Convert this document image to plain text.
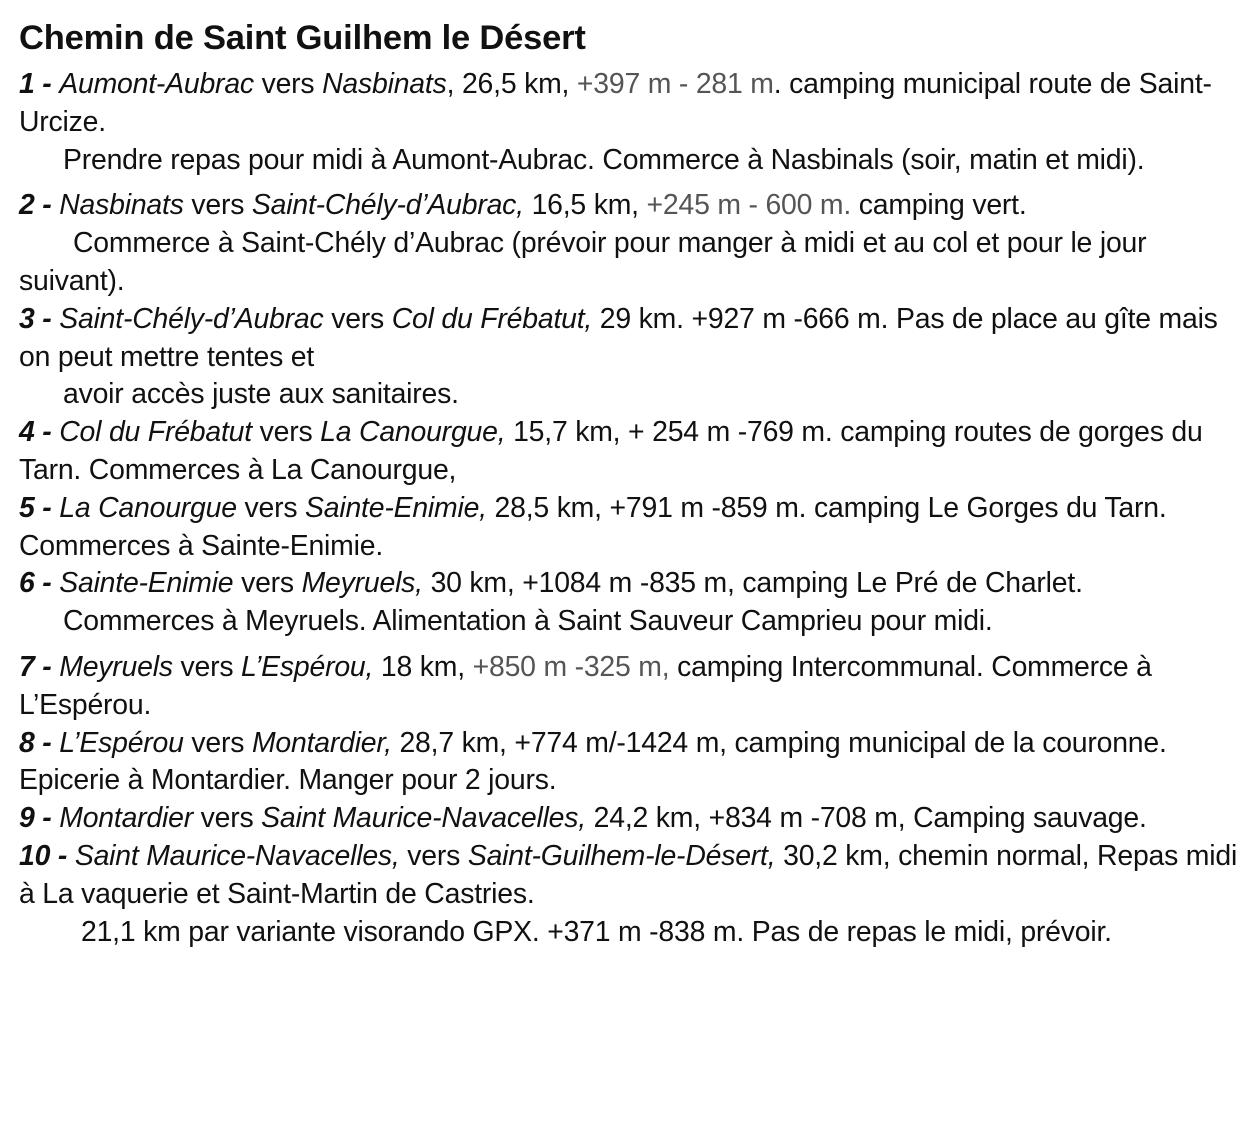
Chemin de Saint Guilhem le Désert

1 - Aumont-Aubrac vers Nasbinats, 26,5 km, +397 m - 281 m. camping municipal route de Saint-Urcize.

Prendre repas pour midi à Aumont-Aubrac. Commerce à Nasbinals (soir, matin et midi).

2 - Nasbinats vers Saint-Chély-d’Aubrac, 16,5 km, +245 m - 600 m. camping vert.

Commerce à Saint-Chély d’Aubrac (prévoir pour manger à midi et au col et pour le jour suivant).

3 - Saint-Chély-d’Aubrac vers Col du Frébatut, 29 km. +927 m -666 m. Pas de place au gîte mais on peut mettre tentes et

avoir accès juste aux sanitaires.

4 - Col du Frébatut vers La Canourgue, 15,7 km, + 254 m -769 m. camping routes de gorges du Tarn. Commerces à La Canourgue,

5 - La Canourgue vers Sainte-Enimie, 28,5 km, +791 m -859 m. camping Le Gorges du Tarn. Commerces à Sainte-Enimie.

6 - Sainte-Enimie vers Meyruels, 30 km, +1084 m -835 m, camping Le Pré de Charlet.

Commerces à Meyruels. Alimentation à Saint Sauveur Camprieu pour midi.

7 - Meyruels vers L’Espérou, 18 km, +850 m -325 m, camping Intercommunal. Commerce à L’Espérou.

8 - L’Espérou vers Montardier, 28,7 km, +774 m/-1424 m, camping municipal de la couronne. Epicerie à Montardier. Manger pour 2 jours.

9 - Montardier vers Saint Maurice-Navacelles, 24,2 km, +834 m -708 m, Camping sauvage.

10 - Saint Maurice-Navacelles, vers Saint-Guilhem-le-Désert, 30,2 km, chemin normal, Repas midi à La vaquerie et Saint-Martin de Castries.

21,1 km par variante visorando GPX. +371 m -838 m. Pas de repas le midi, prévoir.
